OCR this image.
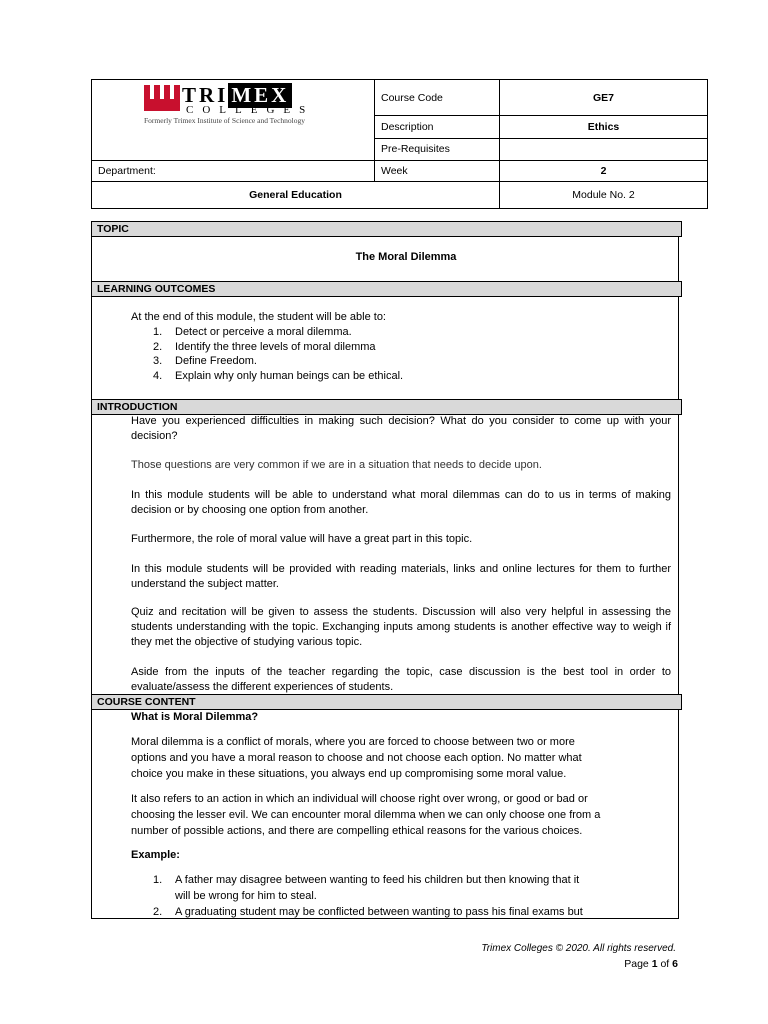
TRI MEX
COLLEGES
Formerly Trimex Institute of Science and Technology	Course Code	GE7
	Description	Ethics
	Pre-Requisites	
Department:	Week	2
General Education		Module No. 2
TOPIC
The Moral Dilemma
LEARNING OUTCOMES
At the end of this module, the student will be able to:
1. Detect or perceive a moral dilemma.
2. Identify the three levels of moral dilemma
3. Define Freedom.
4. Explain why only human beings can be ethical.
INTRODUCTION
Have you experienced difficulties in making such decision? What do you consider to come up with your decision?
Those questions are very common if we are in a situation that needs to decide upon.
In this module students will be able to understand what moral dilemmas can do to us in terms of making decision or by choosing one option from another.
Furthermore, the role of moral value will have a great part in this topic.
In this module students will be provided with reading materials, links and online lectures for them to further understand the subject matter.
Quiz and recitation will be given to assess the students. Discussion will also very helpful in assessing the students understanding with the topic. Exchanging inputs among students is another effective way to weigh if they met the objective of studying various topic.
Aside from the inputs of the teacher regarding the topic, case discussion is the best tool in order to evaluate/assess the different experiences of students.
COURSE CONTENT
What is Moral Dilemma?
Moral dilemma is a conflict of morals, where you are forced to choose between two or more
options and you have a moral reason to choose and not choose each option. No matter what
choice you make in these situations, you always end up compromising some moral value.
It also refers to an action in which an individual will choose right over wrong, or good or bad or
choosing the lesser evil. We can encounter moral dilemma when we can only choose one from a
number of possible actions, and there are compelling ethical reasons for the various choices.
Example:
1. A father may disagree between wanting to feed his children but then knowing that it
will be wrong for him to steal.
2. A graduating student may be conflicted between wanting to pass his final exams but
Trimex Colleges © 2020. All rights reserved.
Page 1 of 6
